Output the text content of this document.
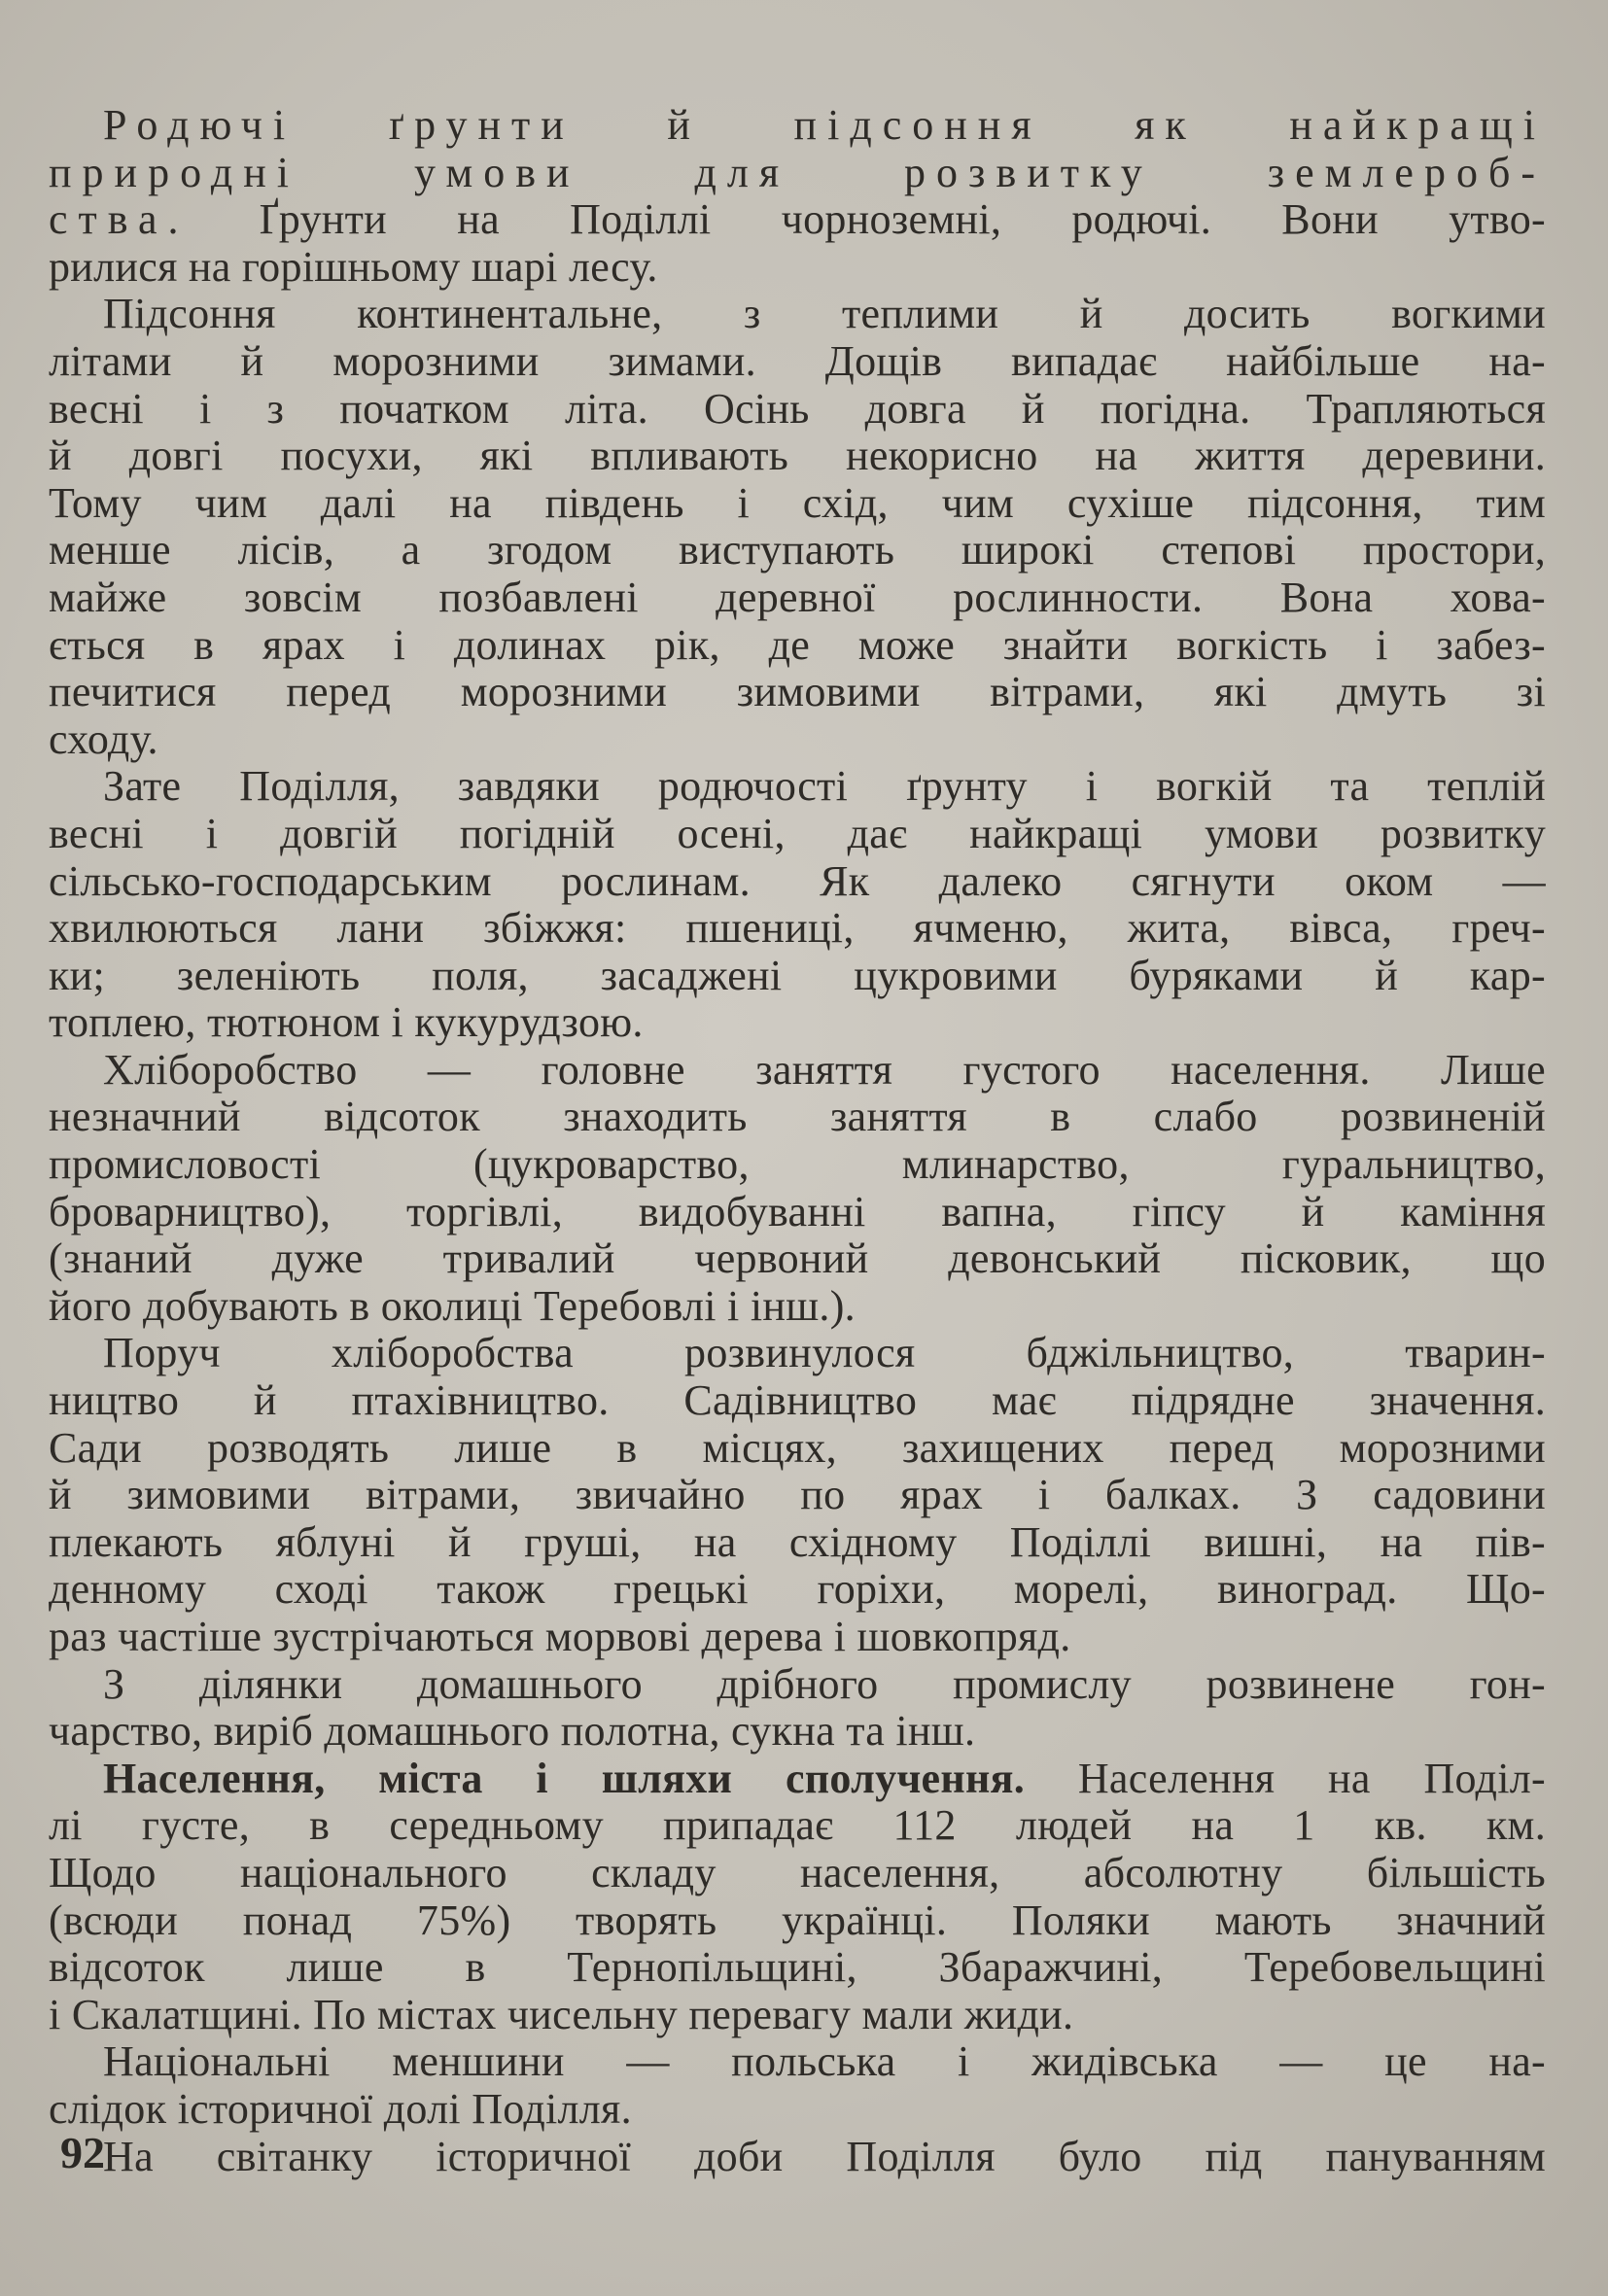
Родючі ґрунти й підсоння як найкращі
природні умови для розвитку землероб-
ства. Ґрунти на Поділлі чорноземні, родючі. Вони утво-
рилися на горішньому шарі лесу.
Підсоння континентальне, з теплими й досить вогкими
літами й морозними зимами. Дощів випадає найбільше на-
весні і з початком літа. Осінь довга й погідна. Трапляються
й довгі посухи, які впливають некорисно на життя деревини.
Тому чим далі на південь і схід, чим сухіше підсоння, тим
менше лісів, а згодом виступають широкі степові простори,
майже зовсім позбавлені деревної рослинности. Вона хова-
ється в ярах і долинах рік, де може знайти вогкість і забез-
печитися перед морозними зимовими вітрами, які дмуть зі
сходу.
Зате Поділля, завдяки родючості ґрунту і вогкій та теплій
весні і довгій погідній осені, дає найкращі умови розвитку
сільсько-господарським рослинам. Як далеко сягнути оком —
хвилюються лани збіжжя: пшениці, ячменю, жита, вівса, греч-
ки; зеленіють поля, засаджені цукровими буряками й кар-
топлею, тютюном і кукурудзою.
Хліборобство — головне заняття густого населення. Лише
незначний відсоток знаходить заняття в слабо розвиненій
промисловості (цукроварство, млинарство, гуральництво,
броварництво), торгівлі, видобуванні вапна, гіпсу й каміння
(знаний дуже тривалий червоний девонський пісковик, що
його добувають в околиці Теребовлі і інш.).
Поруч хліборобства розвинулося бджільництво, тварин-
ництво й птахівництво. Садівництво має підрядне значення.
Сади розводять лише в місцях, захищених перед морозними
й зимовими вітрами, звичайно по ярах і балках. З садовини
плекають яблуні й груші, на східному Поділлі вишні, на пів-
денному сході також грецькі горіхи, морелі, виноград. Що-
раз частіше зустрічаються морвові дерева і шовкопряд.
З ділянки домашнього дрібного промислу розвинене гон-
чарство, виріб домашнього полотна, сукна та інш.
Населення, міста і шляхи сполучення. Населення на Поділ-
лі густе, в середньому припадає 112 людей на 1 кв. км.
Щодо національного складу населення, абсолютну більшість
(всюди понад 75%) творять українці. Поляки мають значний
відсоток лише в Тернопільщині, Збаражчині, Теребовельщині
і Скалатщині. По містах чисельну перевагу мали жиди.
Національні меншини — польська і жидівська — це на-
слідок історичної долі Поділля.
На світанку історичної доби Поділля було під пануванням
92
